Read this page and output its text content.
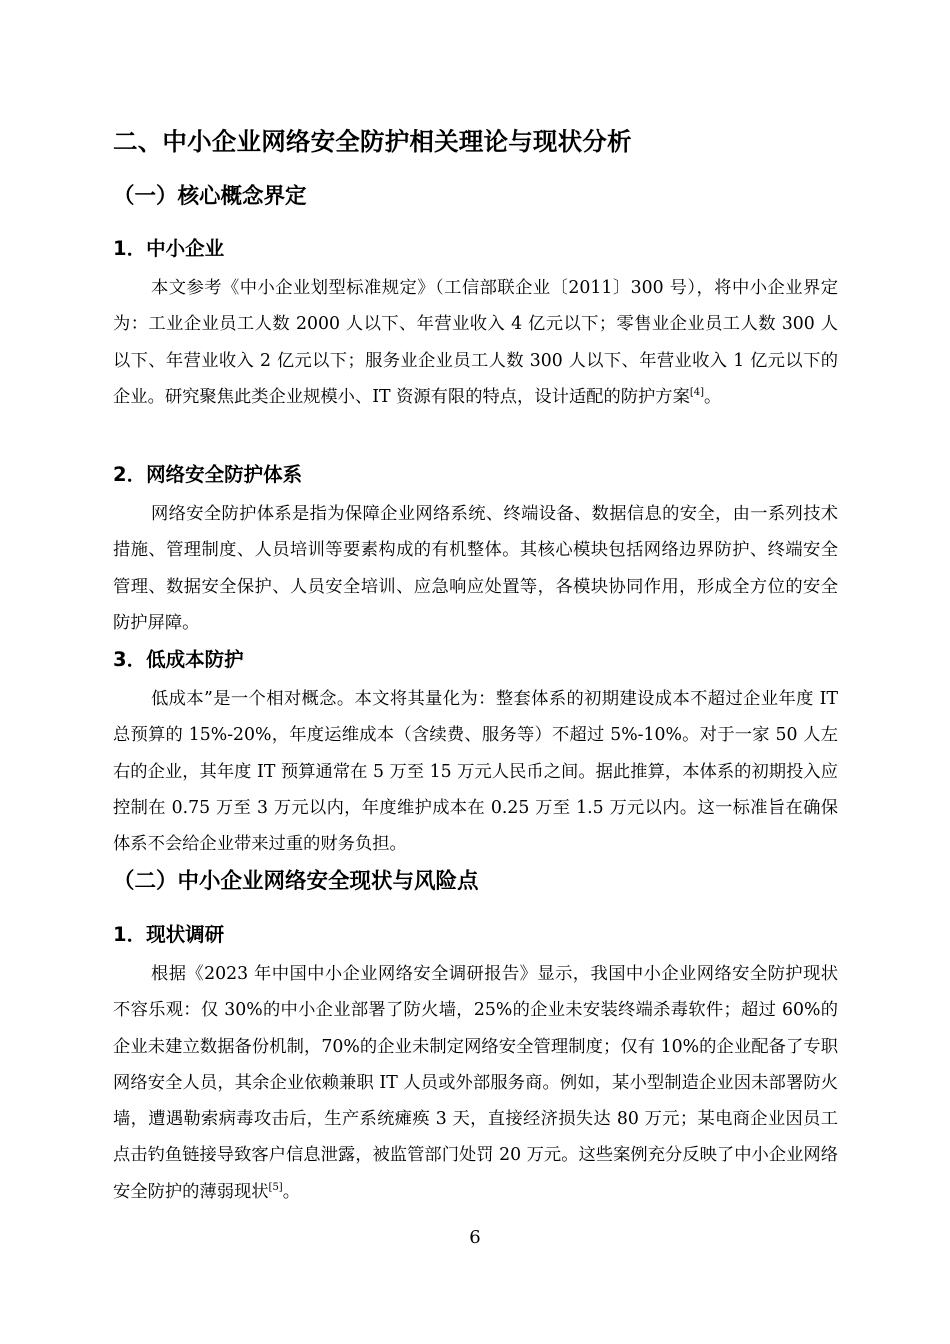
二、中小企业网络安全防护相关理论与现状分析
（一）核心概念界定
1．中小企业

本文参考《中小企业划型标准规定》（工信部联企业〔2011〕300 号），将中小企业界定为：工业企业员工人数 2000 人以下、年营业收入 4 亿元以下；零售业企业员工人数 300 人以下、年营业收入 2 亿元以下；服务业企业员工人数 300 人以下、年营业收入 1 亿元以下的企业。研究聚焦此类企业规模小、IT 资源有限的特点，设计适配的防护方案[4]。

2．网络安全防护体系

网络安全防护体系是指为保障企业网络系统、终端设备、数据信息的安全，由一系列技术措施、管理制度、人员培训等要素构成的有机整体。其核心模块包括网络边界防护、终端安全管理、数据安全保护、人员安全培训、应急响应处置等，各模块协同作用，形成全方位的安全防护屏障。

3．低成本防护

低成本”是一个相对概念。本文将其量化为：整套体系的初期建设成本不超过企业年度 IT 总预算的 15%-20%，年度运维成本（含续费、服务等）不超过 5%-10%。对于一家 50 人左右的企业，其年度 IT 预算通常在 5 万至 15 万元人民币之间。据此推算，本体系的初期投入应控制在 0.75 万至 3 万元以内，年度维护成本在 0.25 万至 1.5 万元以内。这一标准旨在确保体系不会给企业带来过重的财务负担。

（二）中小企业网络安全现状与风险点
1．现状调研

根据《2023 年中国中小企业网络安全调研报告》显示，我国中小企业网络安全防护现状不容乐观：仅 30%的中小企业部署了防火墙，25%的企业未安装终端杀毒软件；超过 60%的企业未建立数据备份机制，70%的企业未制定网络安全管理制度；仅有 10%的企业配备了专职网络安全人员，其余企业依赖兼职 IT 人员或外部服务商。例如，某小型制造企业因未部署防火墙，遭遇勒索病毒攻击后，生产系统瘫痪 3 天，直接经济损失达 80 万元；某电商企业因员工点击钓鱼链接导致客户信息泄露，被监管部门处罚 20 万元。这些案例充分反映了中小企业网络安全防护的薄弱现状[5]。

6
